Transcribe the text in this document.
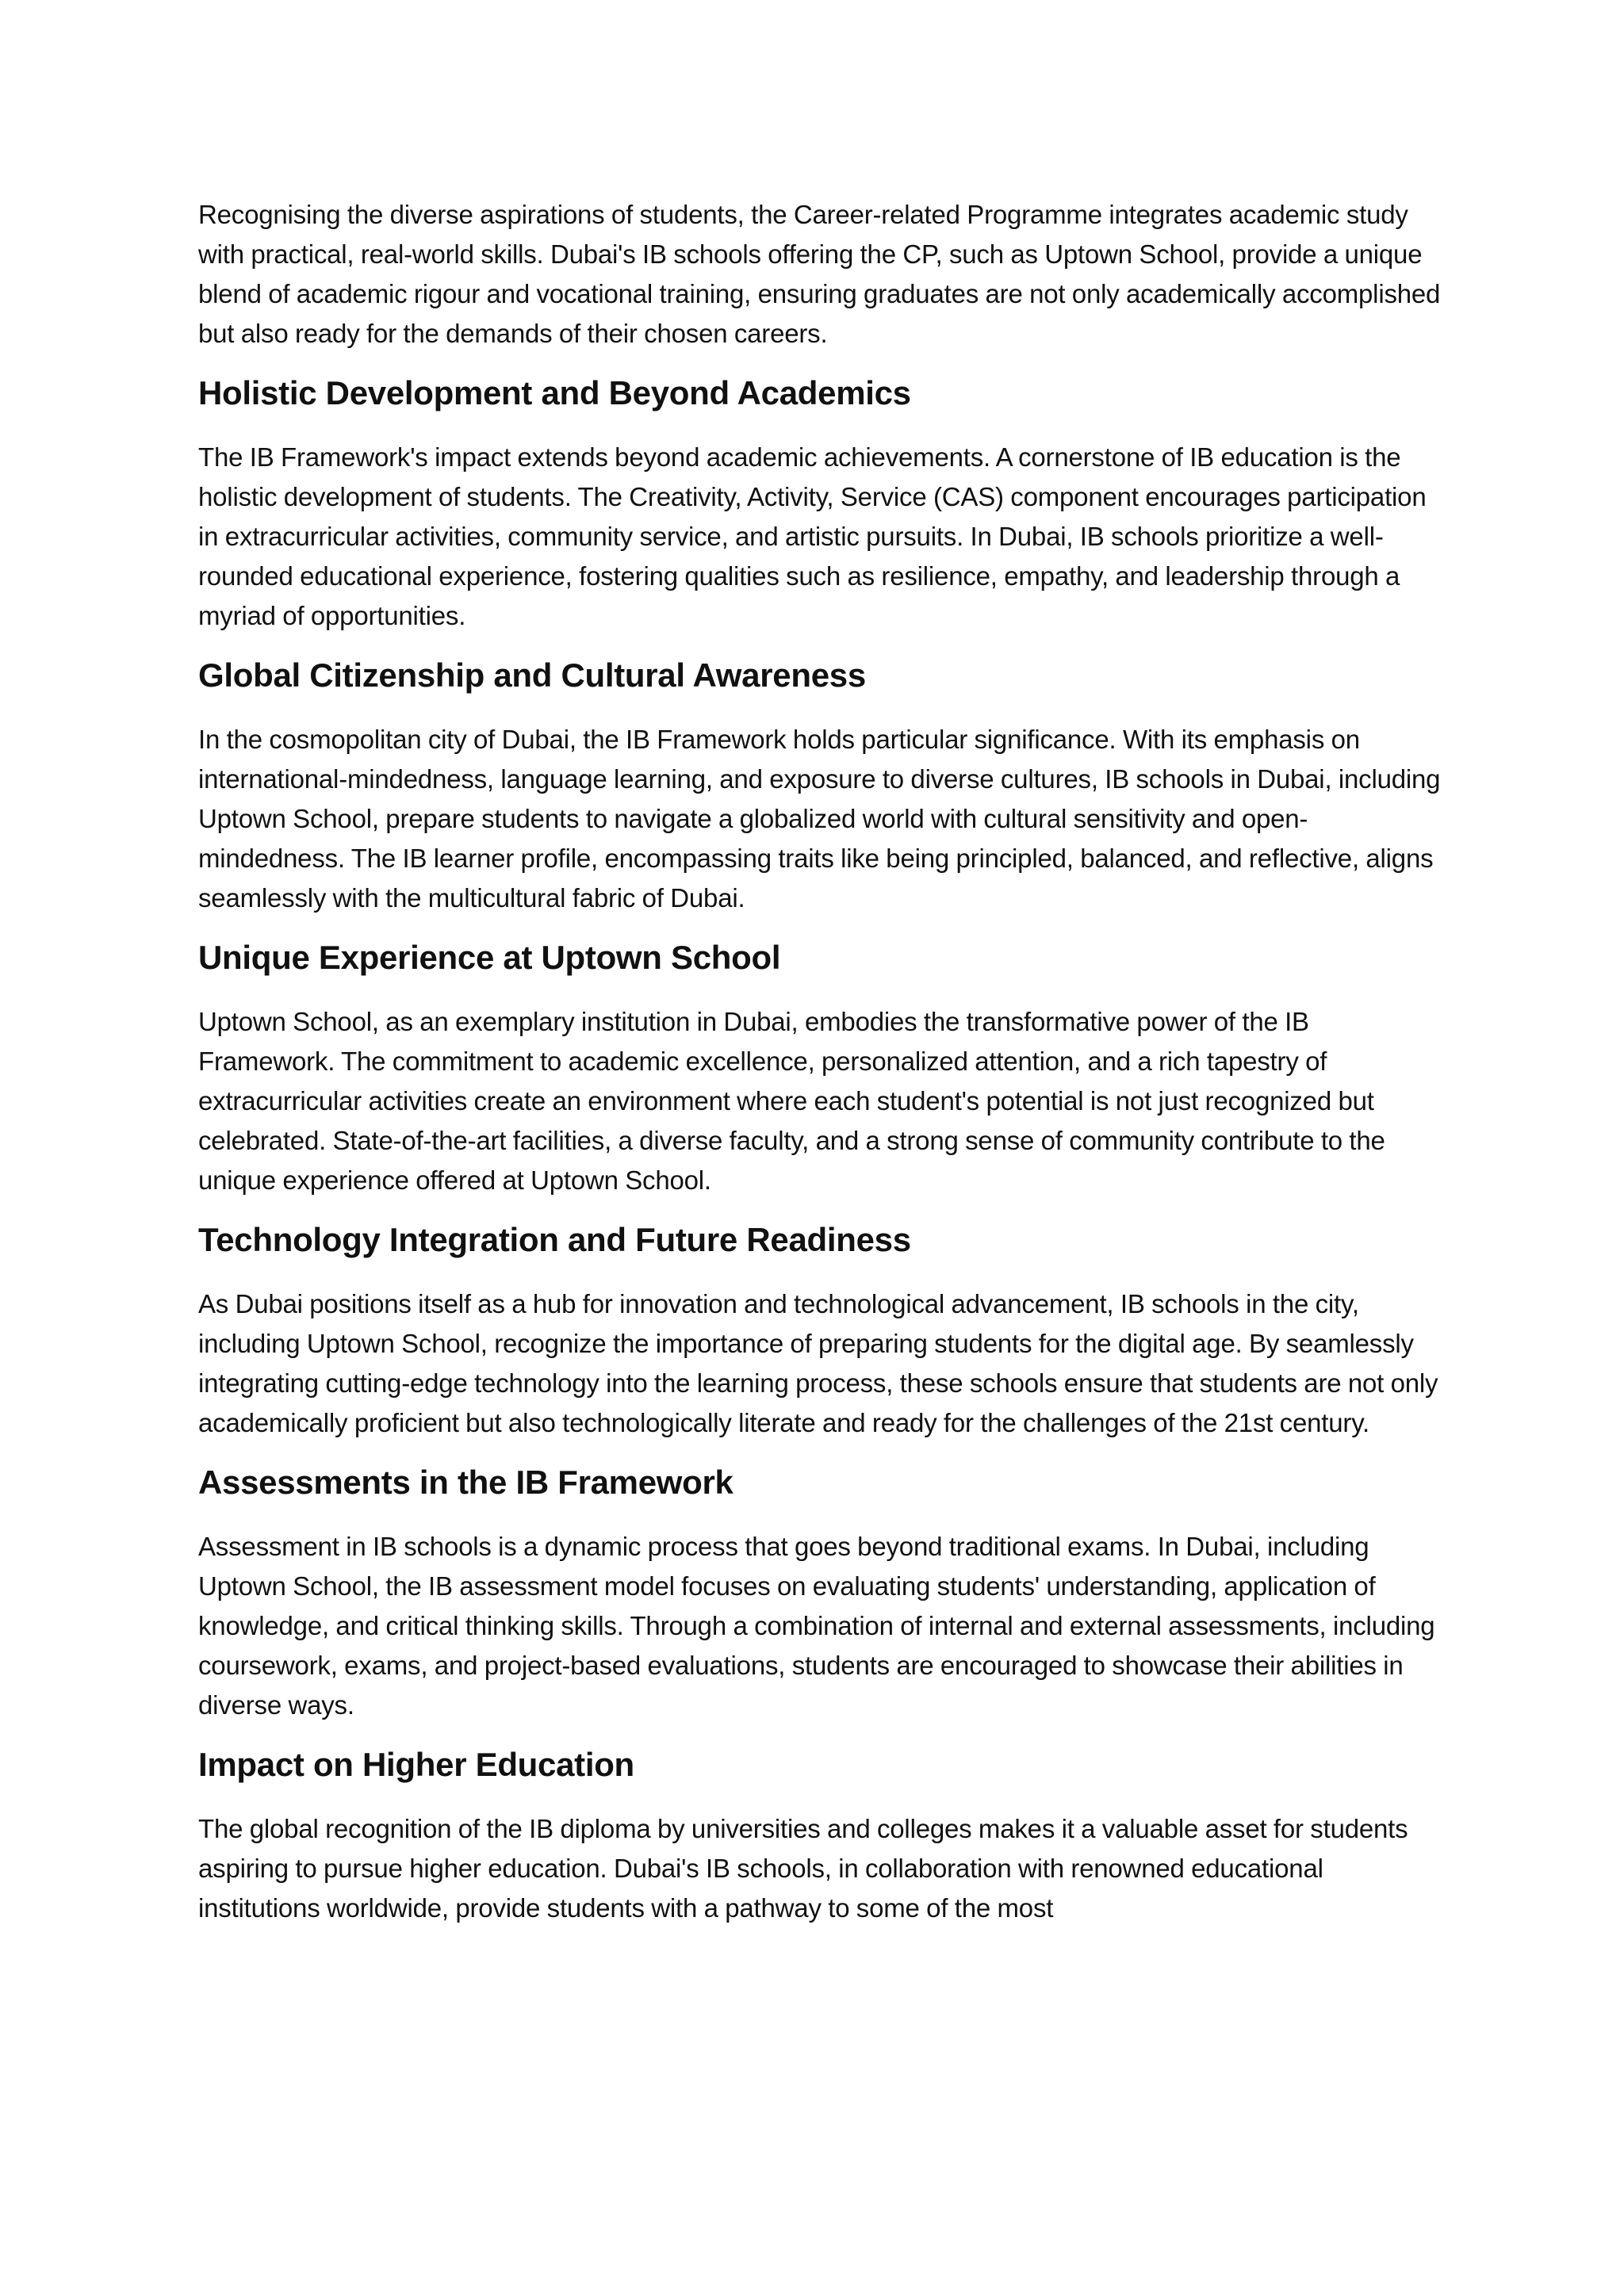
Recognising the diverse aspirations of students, the Career-related Programme integrates academic study with practical, real-world skills. Dubai's IB schools offering the CP, such as Uptown School, provide a unique blend of academic rigour and vocational training, ensuring graduates are not only academically accomplished but also ready for the demands of their chosen careers.

Holistic Development and Beyond Academics

The IB Framework's impact extends beyond academic achievements. A cornerstone of IB education is the holistic development of students. The Creativity, Activity, Service (CAS) component encourages participation in extracurricular activities, community service, and artistic pursuits. In Dubai, IB schools prioritize a well-rounded educational experience, fostering qualities such as resilience, empathy, and leadership through a myriad of opportunities.

Global Citizenship and Cultural Awareness

In the cosmopolitan city of Dubai, the IB Framework holds particular significance. With its emphasis on international-mindedness, language learning, and exposure to diverse cultures, IB schools in Dubai, including Uptown School, prepare students to navigate a globalized world with cultural sensitivity and open-mindedness. The IB learner profile, encompassing traits like being principled, balanced, and reflective, aligns seamlessly with the multicultural fabric of Dubai.

Unique Experience at Uptown School

Uptown School, as an exemplary institution in Dubai, embodies the transformative power of the IB Framework. The commitment to academic excellence, personalized attention, and a rich tapestry of extracurricular activities create an environment where each student's potential is not just recognized but celebrated. State-of-the-art facilities, a diverse faculty, and a strong sense of community contribute to the unique experience offered at Uptown School.

Technology Integration and Future Readiness

As Dubai positions itself as a hub for innovation and technological advancement, IB schools in the city, including Uptown School, recognize the importance of preparing students for the digital age. By seamlessly integrating cutting-edge technology into the learning process, these schools ensure that students are not only academically proficient but also technologically literate and ready for the challenges of the 21st century.

Assessments in the IB Framework

Assessment in IB schools is a dynamic process that goes beyond traditional exams. In Dubai, including Uptown School, the IB assessment model focuses on evaluating students' understanding, application of knowledge, and critical thinking skills. Through a combination of internal and external assessments, including coursework, exams, and project-based evaluations, students are encouraged to showcase their abilities in diverse ways.

Impact on Higher Education

The global recognition of the IB diploma by universities and colleges makes it a valuable asset for students aspiring to pursue higher education. Dubai's IB schools, in collaboration with renowned educational institutions worldwide, provide students with a pathway to some of the most
